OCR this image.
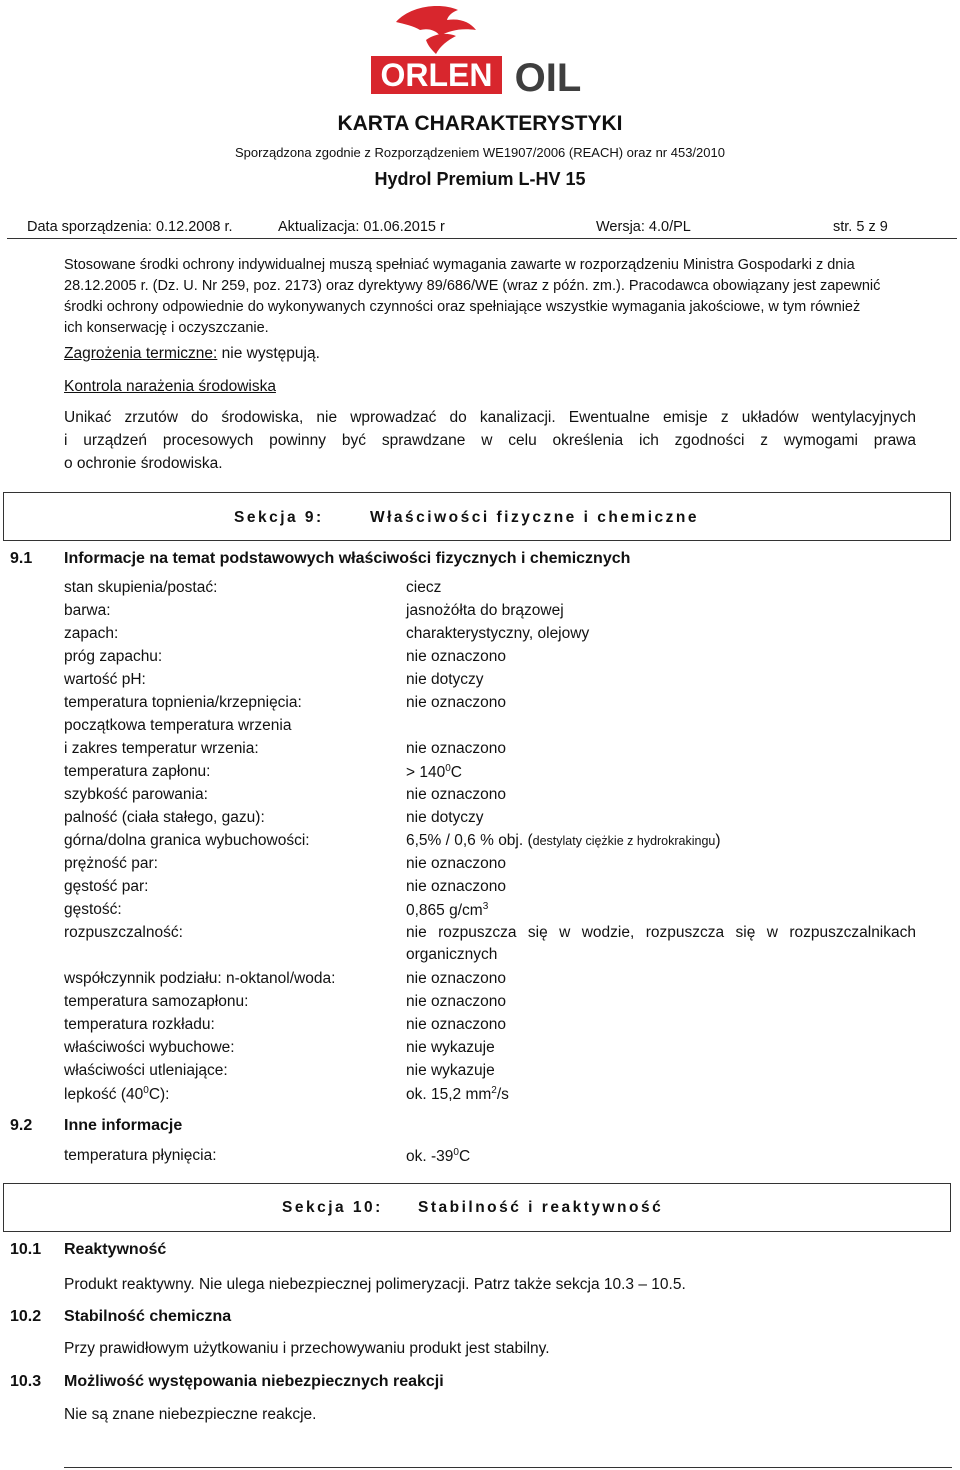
ORLEN OIL
KARTA CHARAKTERYSTYKI
Sporządzona zgodnie z Rozporządzeniem WE1907/2006 (REACH) oraz nr 453/2010
Hydrol Premium L-HV 15
Data sporządzenia: 0.12.2008 r.	Aktualizacja: 01.06.2015 r	Wersja: 4.0/PL	str. 5 z 9
Stosowane środki ochrony indywidualnej muszą spełniać wymagania zawarte w rozporządzeniu Ministra Gospodarki z dnia
28.12.2005 r. (Dz. U. Nr 259, poz. 2173) oraz dyrektywy 89/686/WE (wraz z późn. zm.). Pracodawca obowiązany jest zapewnić
środki ochrony odpowiednie do wykonywanych czynności oraz spełniające wszystkie wymagania jakościowe, w tym również
ich konserwację i oczyszczanie.
Zagrożenia termiczne: nie występują.
Kontrola narażenia środowiska
Unikać zrzutów do środowiska, nie wprowadzać do kanalizacji. Ewentualne emisje z układów wentylacyjnych
i urządzeń procesowych powinny być sprawdzane w celu określenia ich zgodności z wymogami prawa
o ochronie środowiska.
Sekcja 9:	Właściwości fizyczne i chemiczne
9.1 Informacje na temat podstawowych właściwości fizycznych i chemicznych
stan skupienia/postać:	ciecz
barwa:	jasnożółta do brązowej
zapach:	charakterystyczny, olejowy
próg zapachu:	nie oznaczono
wartość pH:	nie dotyczy
temperatura topnienia/krzepnięcia:	nie oznaczono
początkowa temperatura wrzenia
i zakres temperatur wrzenia:	nie oznaczono
temperatura zapłonu:	> $140^0C$
szybkość parowania:	nie oznaczono
palność (ciała stałego, gazu):	nie dotyczy
górna/dolna granica wybuchowości:	6,5% / 0,6 % obj. (destylaty ciężkie z hydrokrakingu)
prężność par:	nie oznaczono
gęstość par:	nie oznaczono
gęstość:	0,865 $g/cm^3$
rozpuszczalność:	nie rozpuszcza się w wodzie, rozpuszcza się w rozpuszczalnikach
organicznych
współczynnik podziału: n-oktanol/woda:	nie oznaczono
temperatura samozapłonu:	nie oznaczono
temperatura rozkładu:	nie oznaczono
właściwości wybuchowe:	nie wykazuje
właściwości utleniające:	nie wykazuje
lepkość $(40^0C)$:	ok. 15,2 $mm^2/s$
9.2 Inne informacje
temperatura płynięcia:	ok. $-39^0C$
Sekcja 10: Stabilność i reaktywność
10.1 Reaktywność
Produkt reaktywny. Nie ulega niebezpiecznej polimeryzacji. Patrz także sekcja 10.3 – 10.5.
10.2 Stabilność chemiczna
Przy prawidłowym użytkowaniu i przechowywaniu produkt jest stabilny.
10.3 Możliwość występowania niebezpiecznych reakcji
Nie są znane niebezpieczne reakcje.
